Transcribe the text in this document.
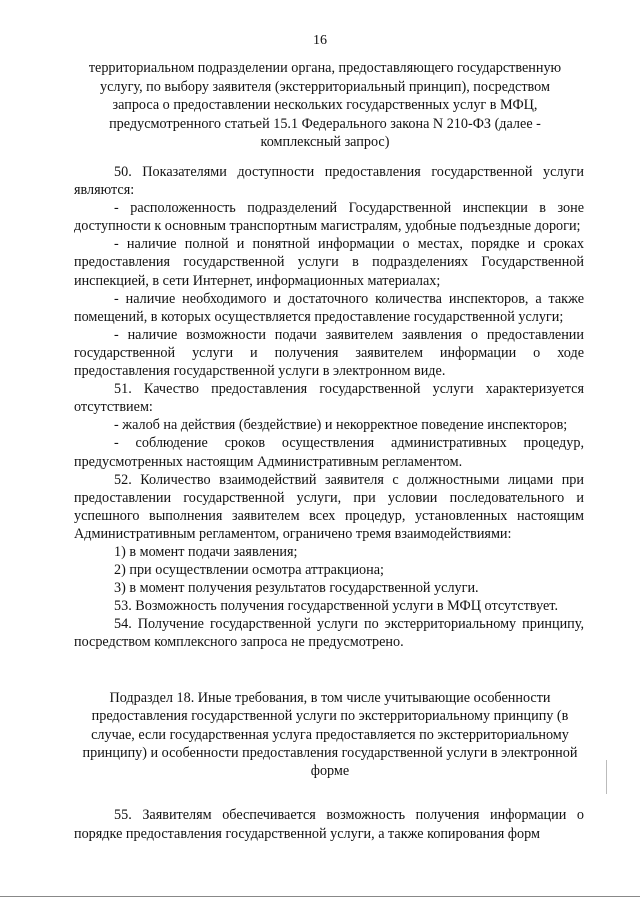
16
территориальном подразделении органа, предоставляющего государственную услугу, по выбору заявителя (экстерриториальный принцип), посредством запроса о предоставлении нескольких государственных услуг в МФЦ, предусмотренного статьей 15.1 Федерального закона N 210-ФЗ (далее - комплексный запрос)

50. Показателями доступности предоставления государственной услуги являются:

- расположенность подразделений Государственной инспекции в зоне доступности к основным транспортным магистралям, удобные подъездные дороги;

- наличие полной и понятной информации о местах, порядке и сроках предоставления государственной услуги в подразделениях Государственной инспекцией, в сети Интернет, информационных материалах;

- наличие необходимого и достаточного количества инспекторов, а также помещений, в которых осуществляется предоставление государственной услуги;

- наличие возможности подачи заявителем заявления о предоставлении государственной услуги и получения заявителем информации о ходе предоставления государственной услуги в электронном виде.

51. Качество предоставления государственной услуги характеризуется отсутствием:

- жалоб на действия (бездействие) и некорректное поведение инспекторов;

- соблюдение сроков осуществления административных процедур, предусмотренных настоящим Административным регламентом.

52. Количество взаимодействий заявителя с должностными лицами при предоставлении государственной услуги, при условии последовательного и успешного выполнения заявителем всех процедур, установленных настоящим Административным регламентом, ограничено тремя взаимодействиями:

1) в момент подачи заявления;

2) при осуществлении осмотра аттракциона;

3) в момент получения результатов государственной услуги.

53. Возможность получения государственной услуги в МФЦ отсутствует.

54. Получение государственной услуги по экстерриториальному принципу, посредством комплексного запроса не предусмотрено.

Подраздел 18. Иные требования, в том числе учитывающие особенности предоставления государственной услуги по экстерриториальному принципу (в случае, если государственная услуга предоставляется по экстерриториальному принципу) и особенности предоставления государственной услуги в электронной форме

55. Заявителям обеспечивается возможность получения информации о порядке предоставления государственной услуги, а также копирования форм
